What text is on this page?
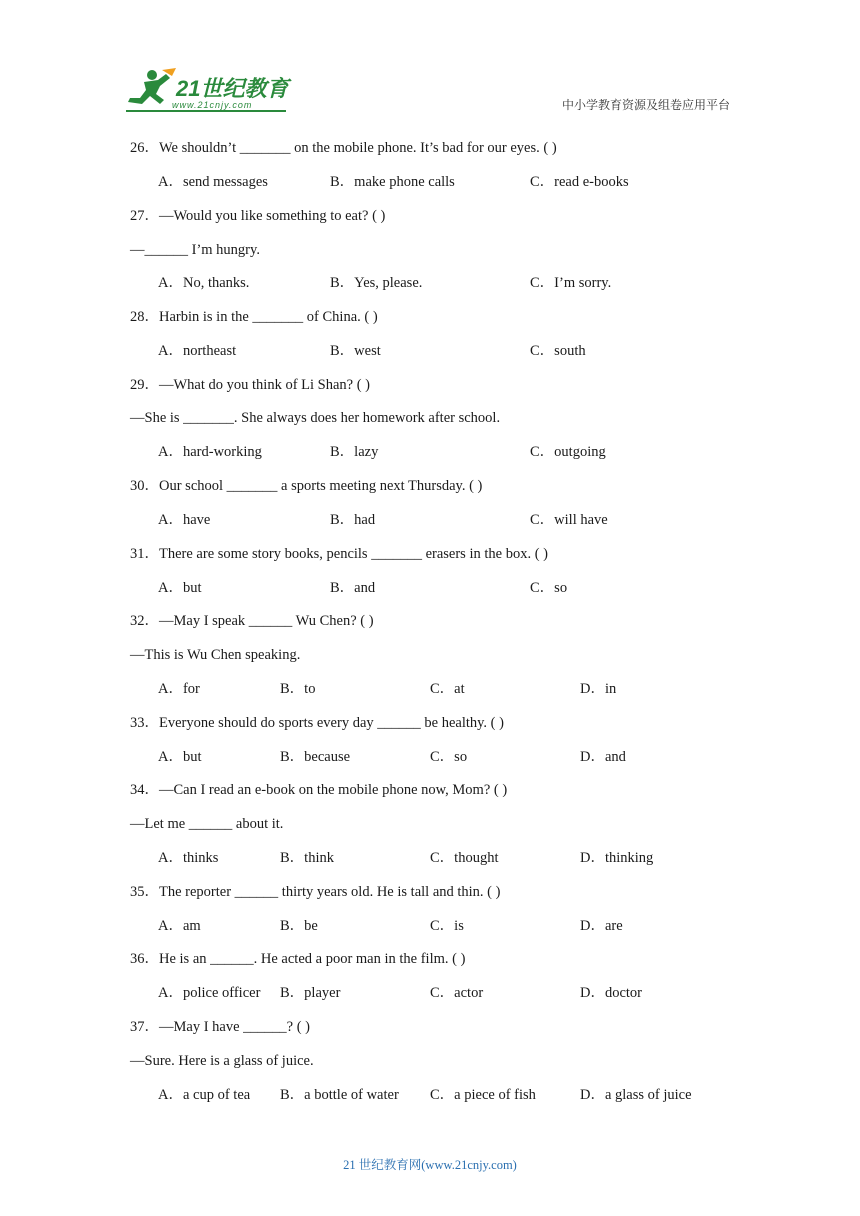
21世纪教育
www.21cnjy.com	中小学教育资源及组卷应用平台
26．We shouldn’t _______ on the mobile phone. It’s bad for our eyes. ( )
A．send messages	B．make phone calls	C．read e-books
27．—Would you like something to eat? ( )
—______ I’m hungry.
A．No, thanks.	B．Yes, please.	C．I’m sorry.
28．Harbin is in the _______ of China. ( )
A．northeast	B．west	C．south
29．—What do you think of Li Shan? ( )
—She is _______. She always does her homework after school.
A．hard-working	B．lazy	C．outgoing
30．Our school _______ a sports meeting next Thursday. ( )
A．have	B．had	C．will have
31．There are some story books, pencils _______ erasers in the box. ( )
A．but	B．and	C．so
32．—May I speak ______ Wu Chen? ( )
—This is Wu Chen speaking.
A．for	B．to	C．at	D．in
33．Everyone should do sports every day ______ be healthy. ( )
A．but	B．because	C．so	D．and
34．—Can I read an e-book on the mobile phone now, Mom? ( )
—Let me ______ about it.
A．thinks	B．think	C．thought	D．thinking
35．The reporter ______ thirty years old. He is tall and thin. ( )
A．am	B．be	C．is	D．are
36．He is an ______. He acted a poor man in the film. ( )
A．police officer B．player	C．actor	D．doctor
37．—May I have ______? ( )
—Sure. Here is a glass of juice.
A．a cup of tea B．a bottle of water C．a piece of fish	D．a glass of juice
21 世纪教育网(www.21cnjy.com)
